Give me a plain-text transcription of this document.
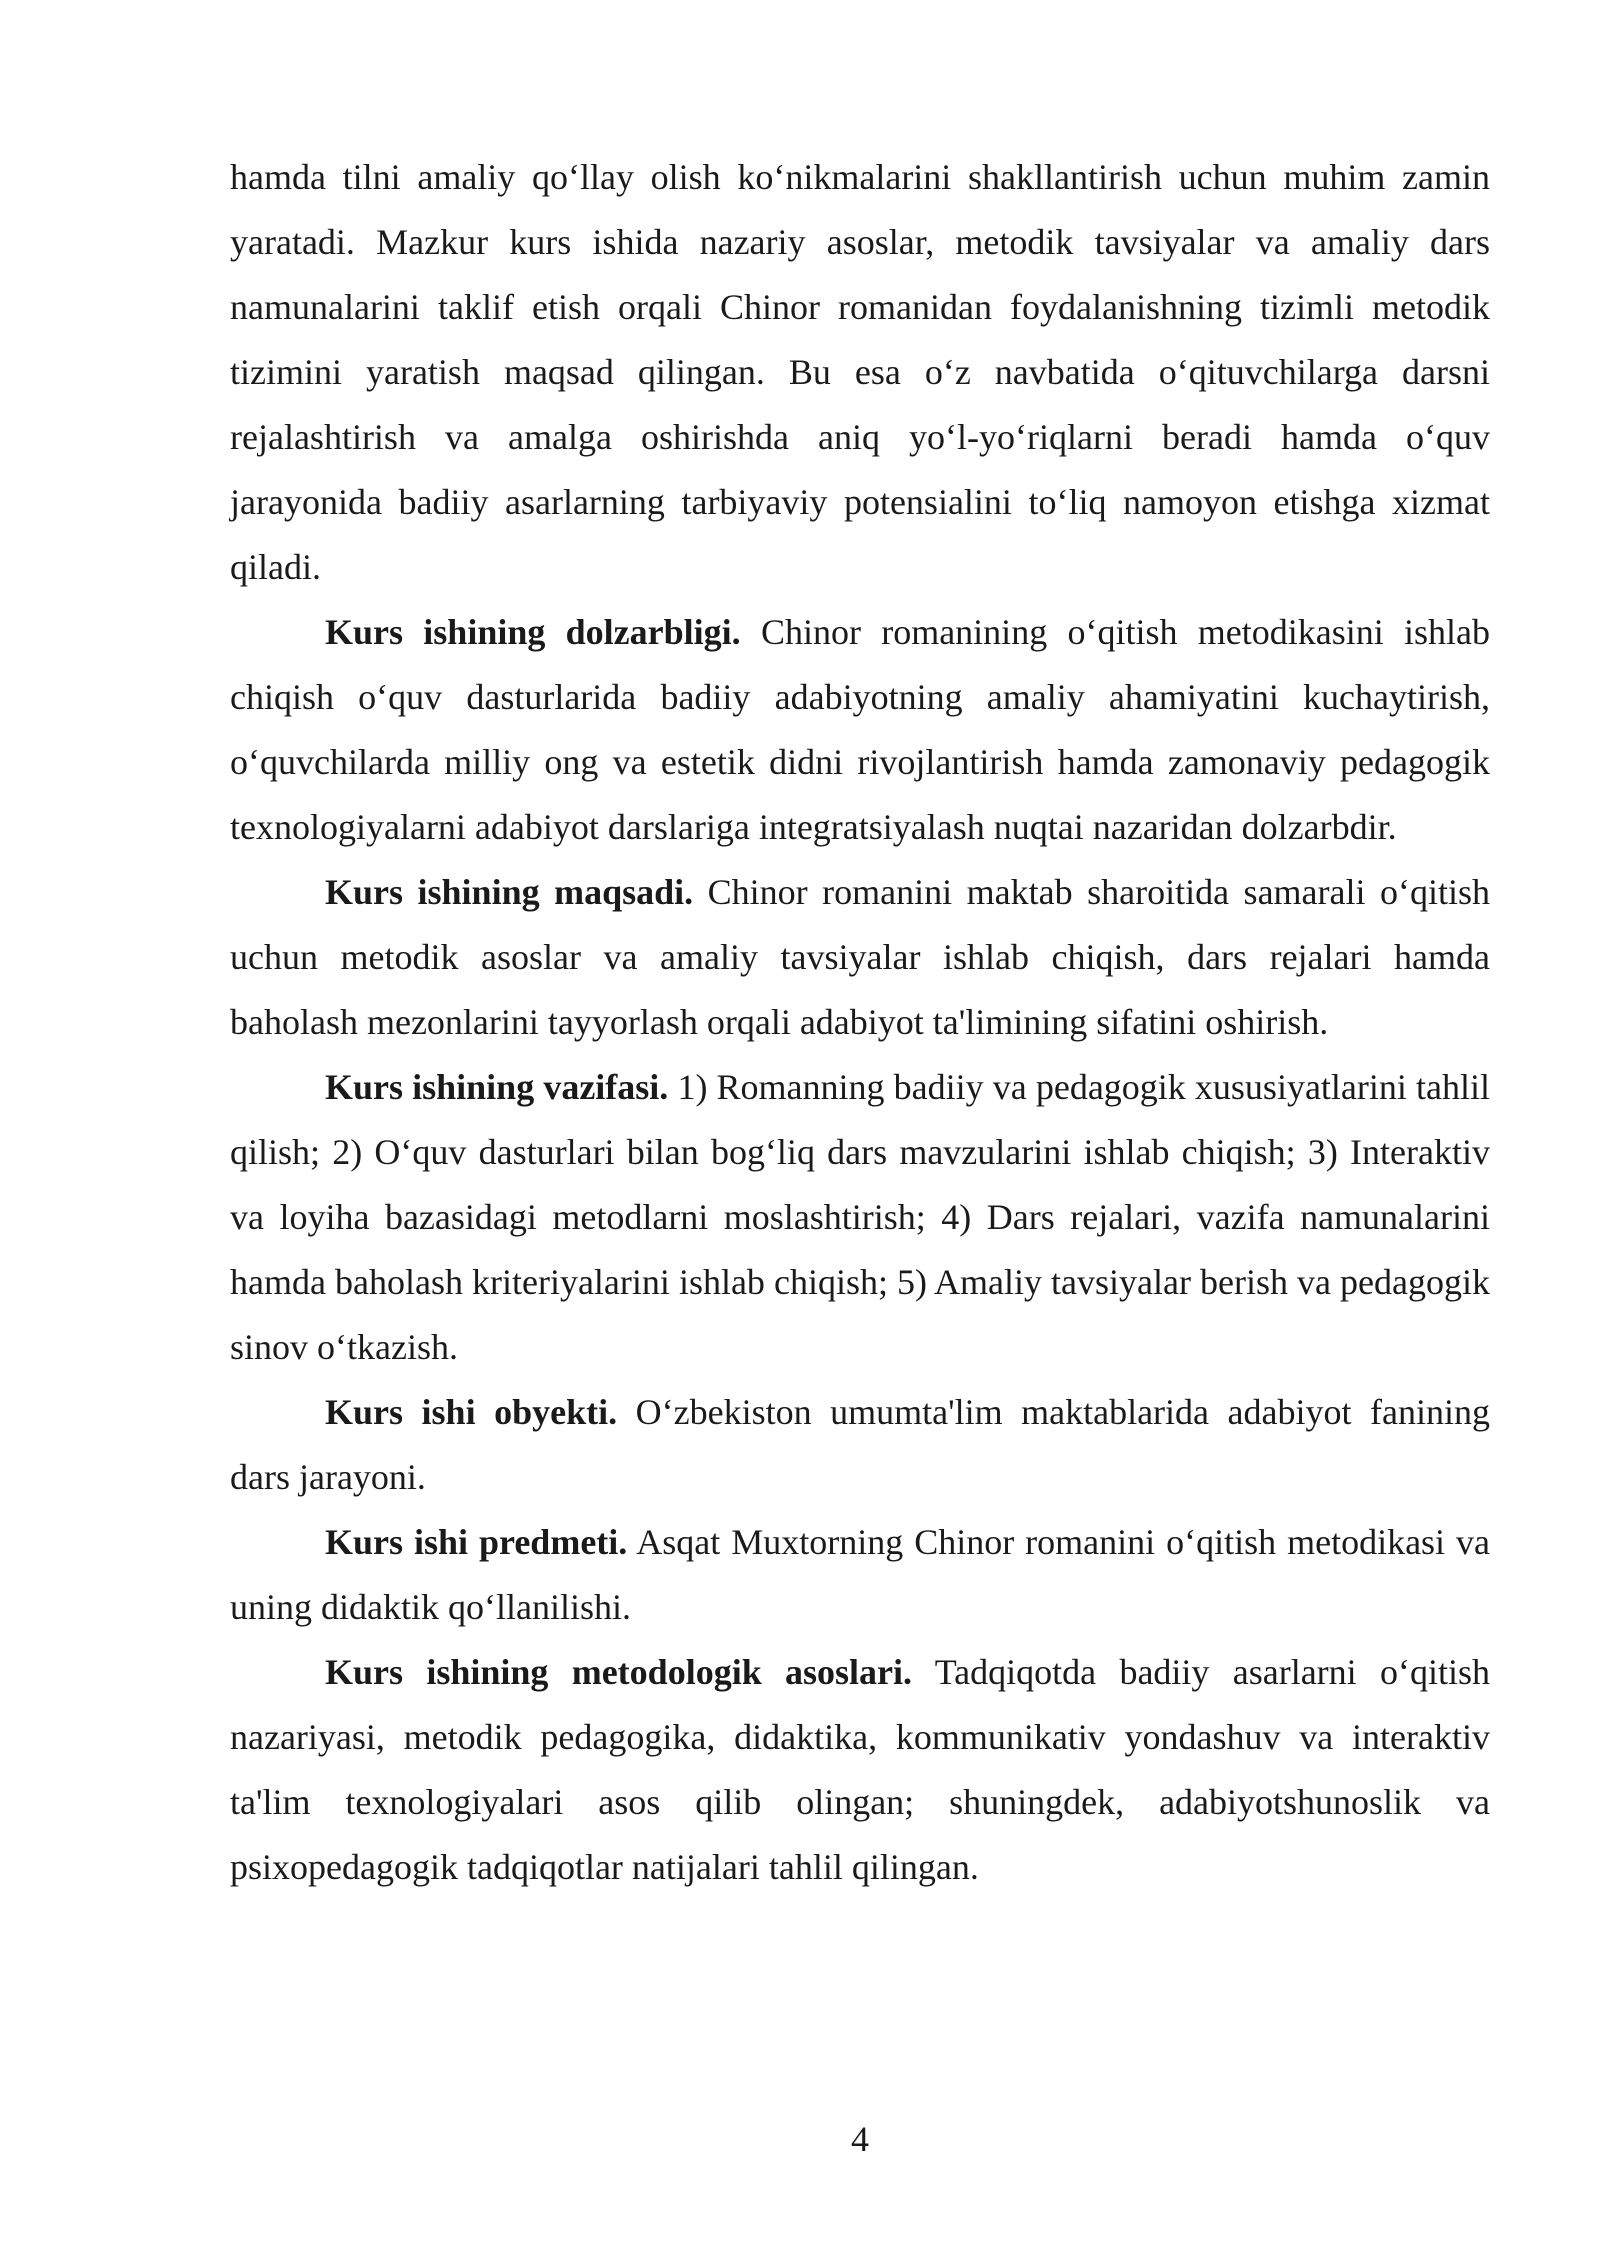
hamda tilni amaliy qo‘llay olish ko‘nikmalarini shakllantirish uchun muhim zamin yaratadi. Mazkur kurs ishida nazariy asoslar, metodik tavsiyalar va amaliy dars namunalarini taklif etish orqali Chinor romanidan foydalanishning tizimli metodik tizimini yaratish maqsad qilingan. Bu esa o‘z navbatida o‘qituvchilarga darsni rejalashtirish va amalga oshirishda aniq yo‘l-yo‘riqlarni beradi hamda o‘quv jarayonida badiiy asarlarning tarbiyaviy potensialini to‘liq namoyon etishga xizmat qiladi.

Kurs ishining dolzarbligi. Chinor romanining o‘qitish metodikasini ishlab chiqish o‘quv dasturlarida badiiy adabiyotning amaliy ahamiyatini kuchaytirish, o‘quvchilarda milliy ong va estetik didni rivojlantirish hamda zamonaviy pedagogik texnologiyalarni adabiyot darslariga integratsiyalash nuqtai nazaridan dolzarbdir.

Kurs ishining maqsadi. Chinor romanini maktab sharoitida samarali o‘qitish uchun metodik asoslar va amaliy tavsiyalar ishlab chiqish, dars rejalari hamda baholash mezonlarini tayyorlash orqali adabiyot ta'limining sifatini oshirish.

Kurs ishining vazifasi. 1) Romanning badiiy va pedagogik xususiyatlarini tahlil qilish; 2) O‘quv dasturlari bilan bog‘liq dars mavzularini ishlab chiqish; 3) Interaktiv va loyiha bazasidagi metodlarni moslashtirish; 4) Dars rejalari, vazifa namunalarini hamda baholash kriteriyalarini ishlab chiqish; 5) Amaliy tavsiyalar berish va pedagogik sinov o‘tkazish.

Kurs ishi obyekti. O‘zbekiston umumta'lim maktablarida adabiyot fanining dars jarayoni.

Kurs ishi predmeti. Asqat Muxtorning Chinor romanini o‘qitish metodikasi va uning didaktik qo‘llanilishi.

Kurs ishining metodologik asoslari. Tadqiqotda badiiy asarlarni o‘qitish nazariyasi, metodik pedagogika, didaktika, kommunikativ yondashuv va interaktiv ta'lim texnologiyalari asos qilib olingan; shuningdek, adabiyotshunoslik va psixopedagogik tadqiqotlar natijalari tahlil qilingan.

4
